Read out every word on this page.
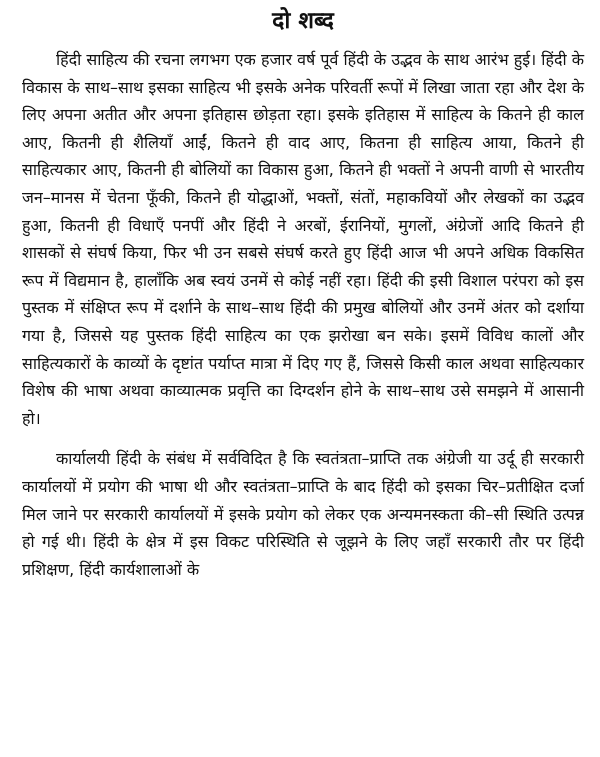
दो शब्द

हिंदी साहित्य की रचना लगभग एक हजार वर्ष पूर्व हिंदी के उद्भव के साथ आरंभ हुई। हिंदी के विकास के साथ–साथ इसका साहित्य भी इसके अनेक परिवर्ती रूपों में लिखा जाता रहा और देश के लिए अपना अतीत और अपना इतिहास छोड़ता रहा। इसके इतिहास में साहित्य के कितने ही काल आए, कितनी ही शैलियाँ आईं, कितने ही वाद आए, कितना ही साहित्य आया, कितने ही साहित्यकार आए, कितनी ही बोलियों का विकास हुआ, कितने ही भक्तों ने अपनी वाणी से भारतीय जन–मानस में चेतना फूँकी, कितने ही योद्धाओं, भक्तों, संतों, महाकवियों और लेखकों का उद्भव हुआ, कितनी ही विधाएँ पनपीं और हिंदी ने अरबों, ईरानियों, मुगलों, अंग्रेजों आदि कितने ही शासकों से संघर्ष किया, फिर भी उन सबसे संघर्ष करते हुए हिंदी आज भी अपने अधिक विकसित रूप में विद्यमान है, हालाँकि अब स्वयं उनमें से कोई नहीं रहा। हिंदी की इसी विशाल परंपरा को इस पुस्तक में संक्षिप्त रूप में दर्शाने के साथ–साथ हिंदी की प्रमुख बोलियों और उनमें अंतर को दर्शाया गया है, जिससे यह पुस्तक हिंदी साहित्य का एक झरोखा बन सके। इसमें विविध कालों और साहित्यकारों के काव्यों के दृष्टांत पर्याप्त मात्रा में दिए गए हैं, जिससे किसी काल अथवा साहित्यकार विशेष की भाषा अथवा काव्यात्मक प्रवृत्ति का दिग्दर्शन होने के साथ–साथ उसे समझने में आसानी हो।

कार्यालयी हिंदी के संबंध में सर्वविदित है कि स्वतंत्रता–प्राप्ति तक अंग्रेजी या उर्दू ही सरकारी कार्यालयों में प्रयोग की भाषा थी और स्वतंत्रता–प्राप्ति के बाद हिंदी को इसका चिर–प्रतीक्षित दर्जा मिल जाने पर सरकारी कार्यालयों में इसके प्रयोग को लेकर एक अन्यमनस्कता की–सी स्थिति उत्पन्न हो गई थी। हिंदी के क्षेत्र में इस विकट परिस्थिति से जूझने के लिए जहाँ सरकारी तौर पर हिंदी प्रशिक्षण, हिंदी कार्यशालाओं के
